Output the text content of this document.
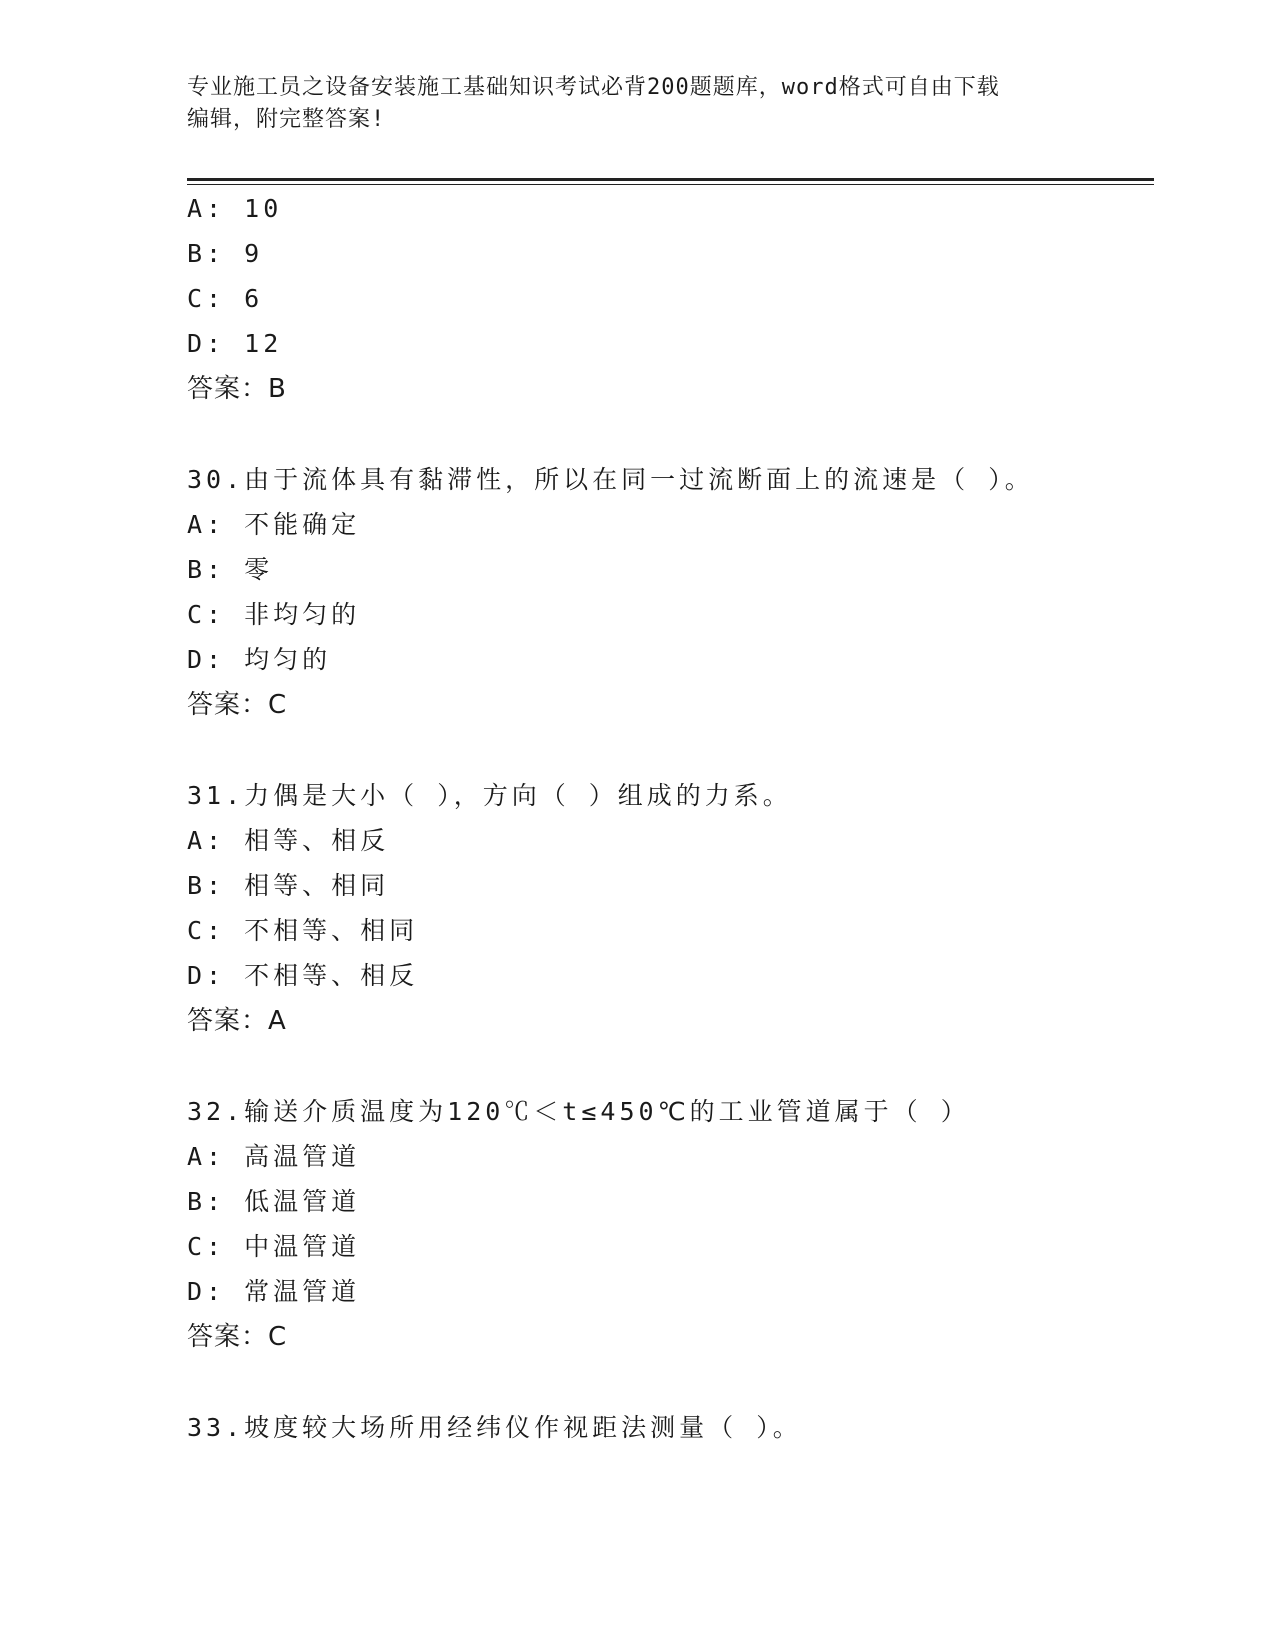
专业施工员之设备安装施工基础知识考试必背200题题库，word格式可自由下载
编辑，附完整答案!
A: 10
B: 9
C: 6
D: 12
答案：B
30.由于流体具有黏滞性，所以在同一过流断面上的流速是（ ）。
A: 不能确定
B: 零
C: 非均匀的
D: 均匀的
答案：C
31.力偶是大小（ ），方向（ ）组成的力系。
A: 相等、相反
B: 相等、相同
C: 不相等、相同
D: 不相等、相反
答案：A
32.输送介质温度为120℃＜t≤450℃的工业管道属于（ ）
A: 高温管道
B: 低温管道
C: 中温管道
D: 常温管道
答案：C
33.坡度较大场所用经纬仪作视距法测量（ ）。
